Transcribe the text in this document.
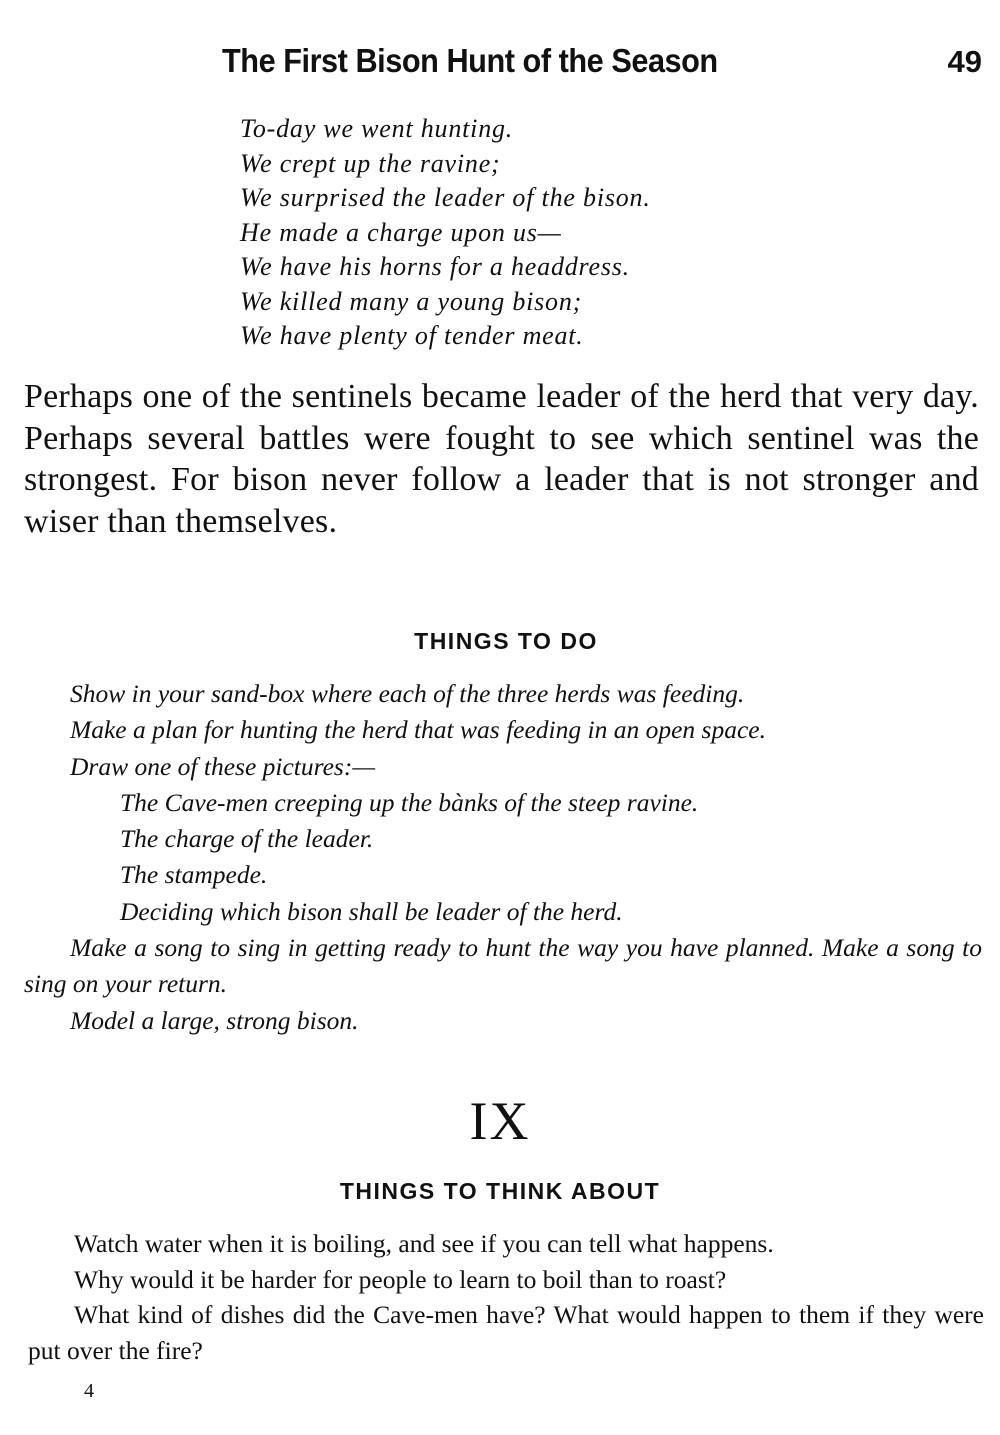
The First Bison Hunt of the Season	49
To-day we went hunting.
We crept up the ravine;
We surprised the leader of the bison.
He made a charge upon us—
We have his horns for a headdress.
We killed many a young bison;
We have plenty of tender meat.
Perhaps one of the sentinels became leader of the herd that very day. Perhaps several battles were fought to see which sentinel was the strongest. For bison never follow a leader that is not stronger and wiser than themselves.
THINGS TO DO
Show in your sand-box where each of the three herds was feeding.
Make a plan for hunting the herd that was feeding in an open space.
Draw one of these pictures:—
The Cave-men creeping up the bànks of the steep ravine.
The charge of the leader.
The stampede.
Deciding which bison shall be leader of the herd.
Make a song to sing in getting ready to hunt the way you have planned. Make a song to sing on your return.
Model a large, strong bison.
IX
THINGS TO THINK ABOUT
Watch water when it is boiling, and see if you can tell what happens.
Why would it be harder for people to learn to boil than to roast?
What kind of dishes did the Cave-men have? What would happen to them if they were put over the fire?
4
